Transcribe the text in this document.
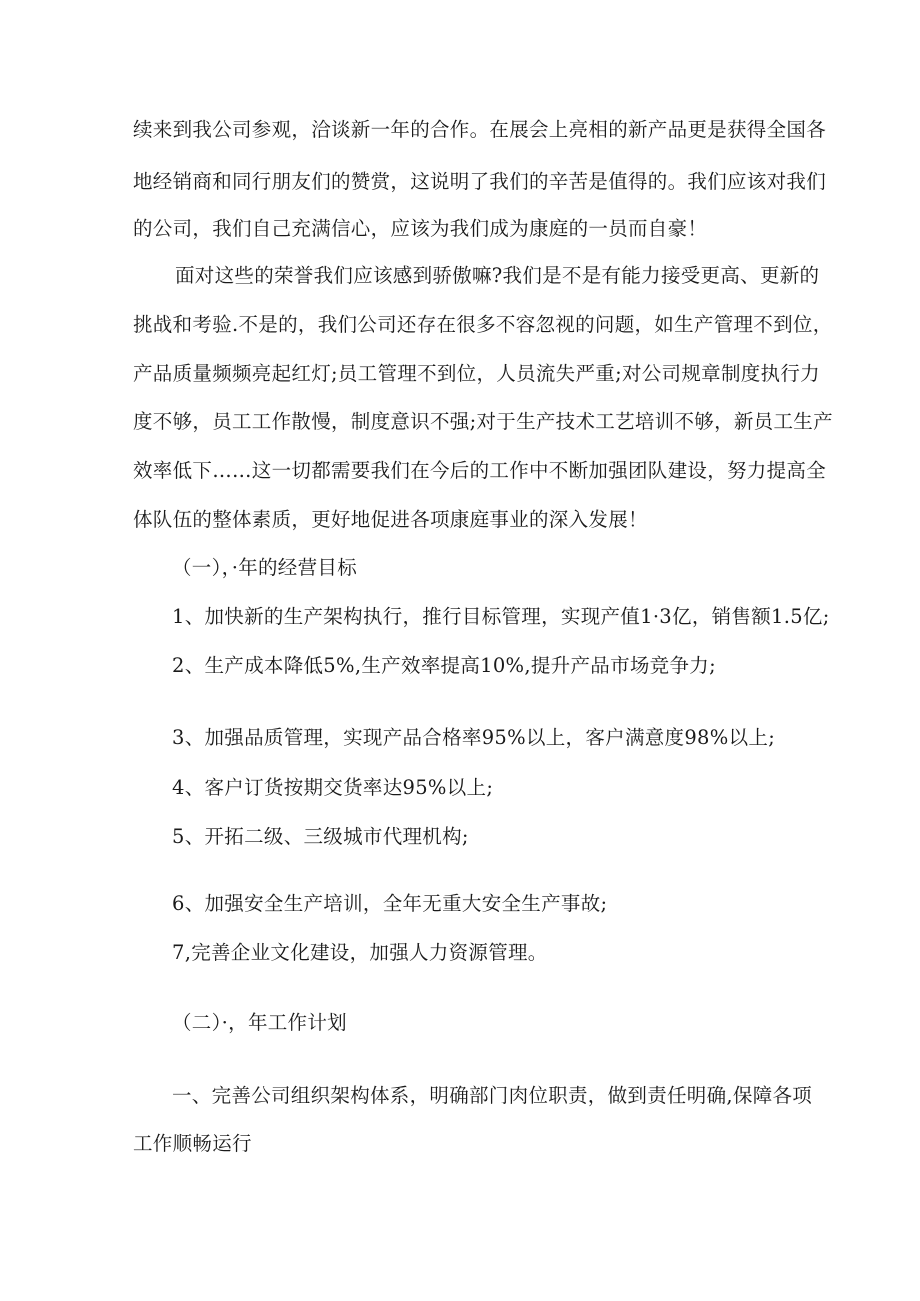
续来到我公司参观，洽谈新一年的合作。在展会上亮相的新产品更是获得全国各
地经销商和同行朋友们的赞赏，这说明了我们的辛苦是值得的。我们应该对我们
的公司，我们自己充满信心，应该为我们成为康庭的一员而自豪！
面对这些的荣誉我们应该感到骄傲嘛?我们是不是有能力接受更高、更新的
挑战和考验.不是的，我们公司还存在很多不容忽视的问题，如生产管理不到位，
产品质量频频亮起红灯;员工管理不到位，人员流失严重;对公司规章制度执行力
度不够，员工工作散慢，制度意识不强;对于生产技术工艺培训不够，新员工生产
效率低下……这一切都需要我们在今后的工作中不断加强团队建设，努力提高全
体队伍的整体素质，更好地促进各项康庭事业的深入发展！
（一），·年的经营目标
1、加快新的生产架构执行，推行目标管理，实现产值1·3亿，销售额1.5亿;
2、生产成本降低5%,生产效率提高10%,提升产品市场竞争力;
3、加强品质管理，实现产品合格率95%以上，客户满意度98%以上;
4、客户订货按期交货率达95%以上;
5、开拓二级、三级城市代理机构;
6、加强安全生产培训，全年无重大安全生产事故;
7,完善企业文化建设，加强人力资源管理。
（二）·，年工作计划
一、完善公司组织架构体系，明确部门肉位职责，做到责任明确,保障各项
工作顺畅运行
